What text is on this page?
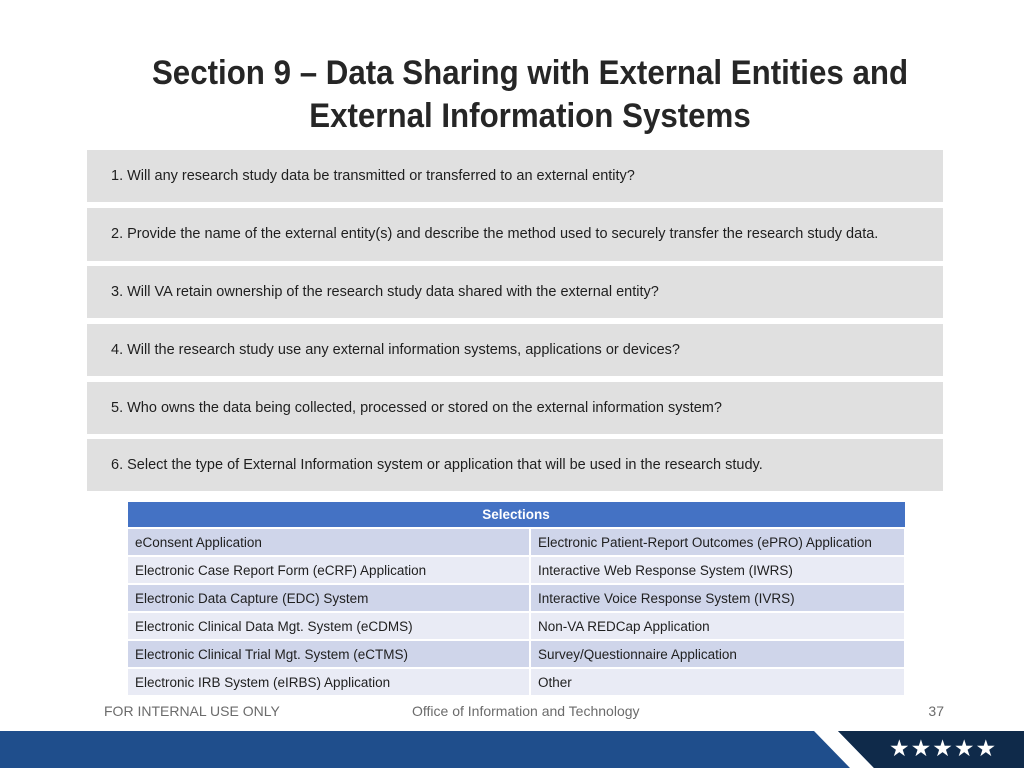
Section 9 – Data Sharing with External Entities and
External Information Systems
1. Will any research study data be transmitted or transferred to an external entity?
2. Provide the name of the external entity(s) and describe the method used to securely transfer the research study data.
3. Will VA retain ownership of the research study data shared with the external entity?
4. Will the research study use any external information systems, applications or devices?
5. Who owns the data being collected, processed or stored on the external information system?
6. Select the type of External Information system or application that will be used in the research study.
Selections	
eConsent Application	Electronic Patient-Report Outcomes (ePRO) Application
Electronic Case Report Form (eCRF) Application	Interactive Web Response System (IWRS)
Electronic Data Capture (EDC) System	Interactive Voice Response System (IVRS)
Electronic Clinical Data Mgt. System (eCDMS)	Non-VA REDCap Application
Electronic Clinical Trial Mgt. System (eCTMS)	Survey/Questionnaire Application
Electronic IRB System (eIRBS) Application	Other
FOR INTERNAL USE ONLY	Office of Information and Technology	37
★★★★★
